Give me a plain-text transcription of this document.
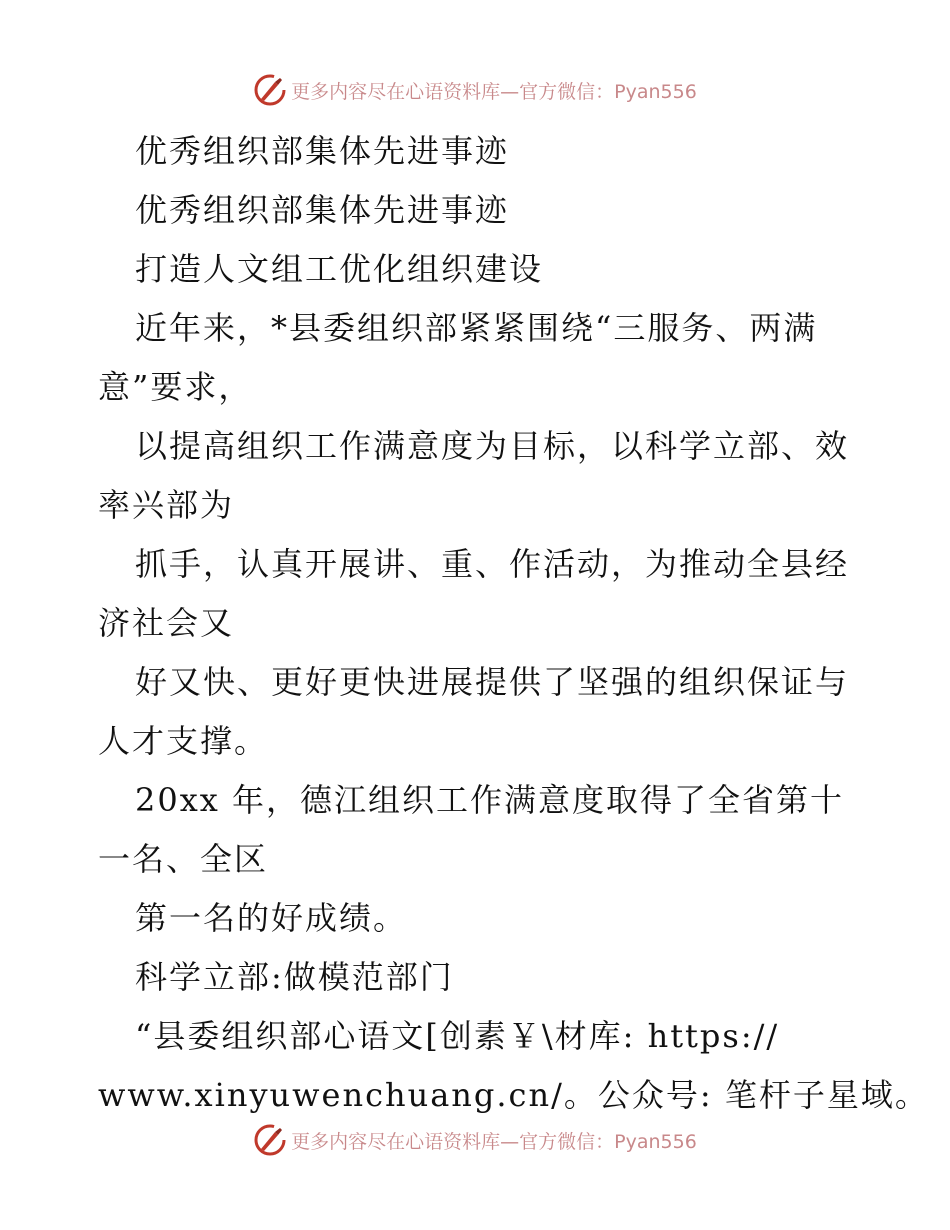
更多内容尽在心语资料库—官方微信：Pyan556
优秀组织部集体先进事迹
优秀组织部集体先进事迹
打造人文组工优化组织建设
近年来，*县委组织部紧紧围绕“三服务、两满
意”要求，
以提高组织工作满意度为目标，以科学立部、效
率兴部为
抓手，认真开展讲、重、作活动，为推动全县经
济社会又
好又快、更好更快进展提供了坚强的组织保证与
人才支撑。
20xx 年，德江组织工作满意度取得了全省第十
一名、全区
第一名的好成绩。
科学立部:做模范部门
“县委组织部心语文[创素￥\材库: https://
www.xinyuwenchuang.cn/。公众号: 笔杆子星域。
更多内容尽在心语资料库—官方微信：Pyan556
